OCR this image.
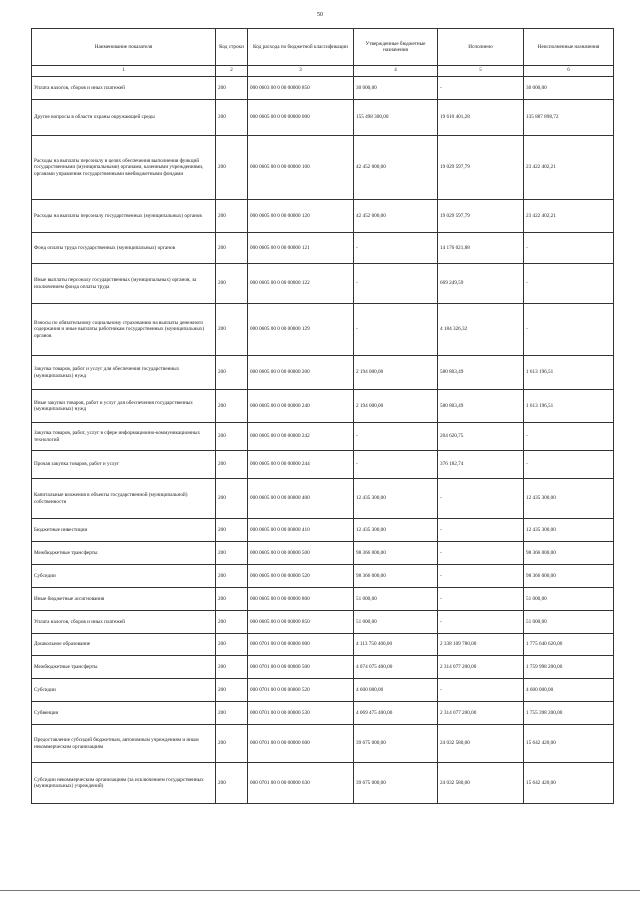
50
Наименование показателя	Код строки	Код расхода по бюджетной классификации	Утвержденные бюджетные назначения	Исполнено	Неисполненные назначения
1	2	3	4	5	6
Уплата налогов, сборов и иных платежей	200	000 0603 00 0 00 00000 850	30 000,00	-	30 000,00
Другие вопросы в области охраны окружающей среды	200	000 0605 00 0 00 00000 000	155 498 300,00	19 610 401,28	135 887 898,72
Расходы на выплаты персоналу в целях обеспечения выполнения функций государственными (муниципальными) органами, казенными учреждениями, органами управления государственными внебюджетными фондами	200	000 0605 00 0 00 00000 100	42 452 000,00	19 029 597,79	23 422 402,21
Расходы на выплаты персоналу государственных (муниципальных) органов	200	000 0605 00 0 00 00000 120	42 452 000,00	19 029 597,79	23 422 402,21
Фонд оплаты труда государственных (муниципальных) органов	200	000 0605 00 0 00 00000 121	-	14 176 021,88	-
Иные выплаты персоналу государственных (муниципальных) органов, за исключением фонда оплаты труда	200	000 0605 00 0 00 00000 122	-	669 249,59	-
Взносы по обязательному социальному страхованию на выплаты денежного содержания и иные выплаты работникам государственных (муниципальных) органов	200	000 0605 00 0 00 00000 129	-	4 184 326,32	-
Закупка товаров, работ и услуг для обеспечения государственных (муниципальных) нужд	200	000 0605 00 0 00 00000 200	2 194 000,00	580 803,49	1 613 196,51
Иные закупки товаров, работ и услуг для обеспечения государственных (муниципальных) нужд	200	000 0605 00 0 00 00000 240	2 194 000,00	580 803,49	1 613 196,51
Закупка товаров, работ, услуг в сфере информационно-коммуникационных технологий	200	000 0605 00 0 00 00000 242	-	204 620,75	-
Прочая закупка товаров, работ и услуг	200	000 0605 00 0 00 00000 244	-	376 182,74	-
Капитальные вложения в объекты государственной (муниципальной) собственности	200	000 0605 00 0 00 00000 400	12 435 300,00	-	12 435 300,00
Бюджетные инвестиции	200	000 0605 00 0 00 00000 410	12 435 300,00	-	12 435 300,00
Межбюджетные трансферты	200	000 0605 00 0 00 00000 500	98 366 000,00	-	98 366 000,00
Субсидии	200	000 0605 00 0 00 00000 520	98 366 000,00	-	98 366 000,00
Иные бюджетные ассигнования	200	000 0605 00 0 00 00000 800	51 000,00	-	51 000,00
Уплата налогов, сборов и иных платежей	200	000 0605 00 0 00 00000 850	51 000,00	-	51 000,00
Дошкольное образование	200	000 0701 00 0 00 00000 000	4 113 750 400,00	2 338 109 780,00	1 775 640 620,00
Межбюджетные трансферты	200	000 0701 00 0 00 00000 500	4 074 075 400,00	2 314 077 200,00	1 759 998 200,00
Субсидии	200	000 0701 00 0 00 00000 520	4 600 000,00	-	4 600 000,00
Субвенции	200	000 0701 00 0 00 00000 530	4 069 475 400,00	2 314 077 200,00	1 755 398 200,00
Предоставление субсидий бюджетным, автономным учреждениям и иным некоммерческим организациям	200	000 0701 00 0 00 00000 600	39 675 000,00	24 032 580,00	15 642 420,00
Субсидии некоммерческим организациям (за исключением государственных (муниципальных) учреждений)	200	000 0701 00 0 00 00000 630	39 675 000,00	24 032 580,00	15 642 420,00
